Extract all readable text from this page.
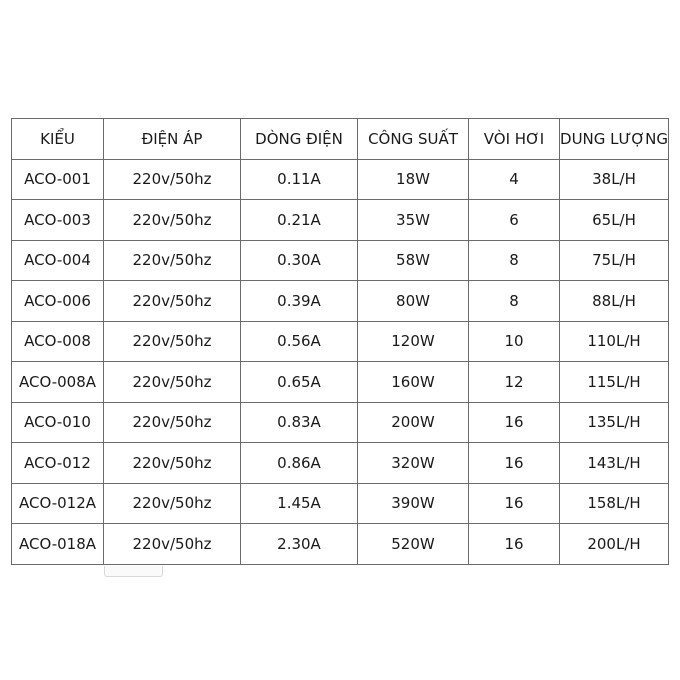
KIỂU	ĐIỆN ÁP	DÒNG ĐIỆN	CÔNG SUẤT	VÒI HƠI	DUNG LƯỢNG
ACO-001	220v/50hz	0.11A	18W	4	38L/H
ACO-003	220v/50hz	0.21A	35W	6	65L/H
ACO-004	220v/50hz	0.30A	58W	8	75L/H
ACO-006	220v/50hz	0.39A	80W	8	88L/H
ACO-008	220v/50hz	0.56A	120W	10	110L/H
ACO-008A	220v/50hz	0.65A	160W	12	115L/H
ACO-010	220v/50hz	0.83A	200W	16	135L/H
ACO-012	220v/50hz	0.86A	320W	16	143L/H
ACO-012A	220v/50hz	1.45A	390W	16	158L/H
ACO-018A	220v/50hz	2.30A	520W	16	200L/H
